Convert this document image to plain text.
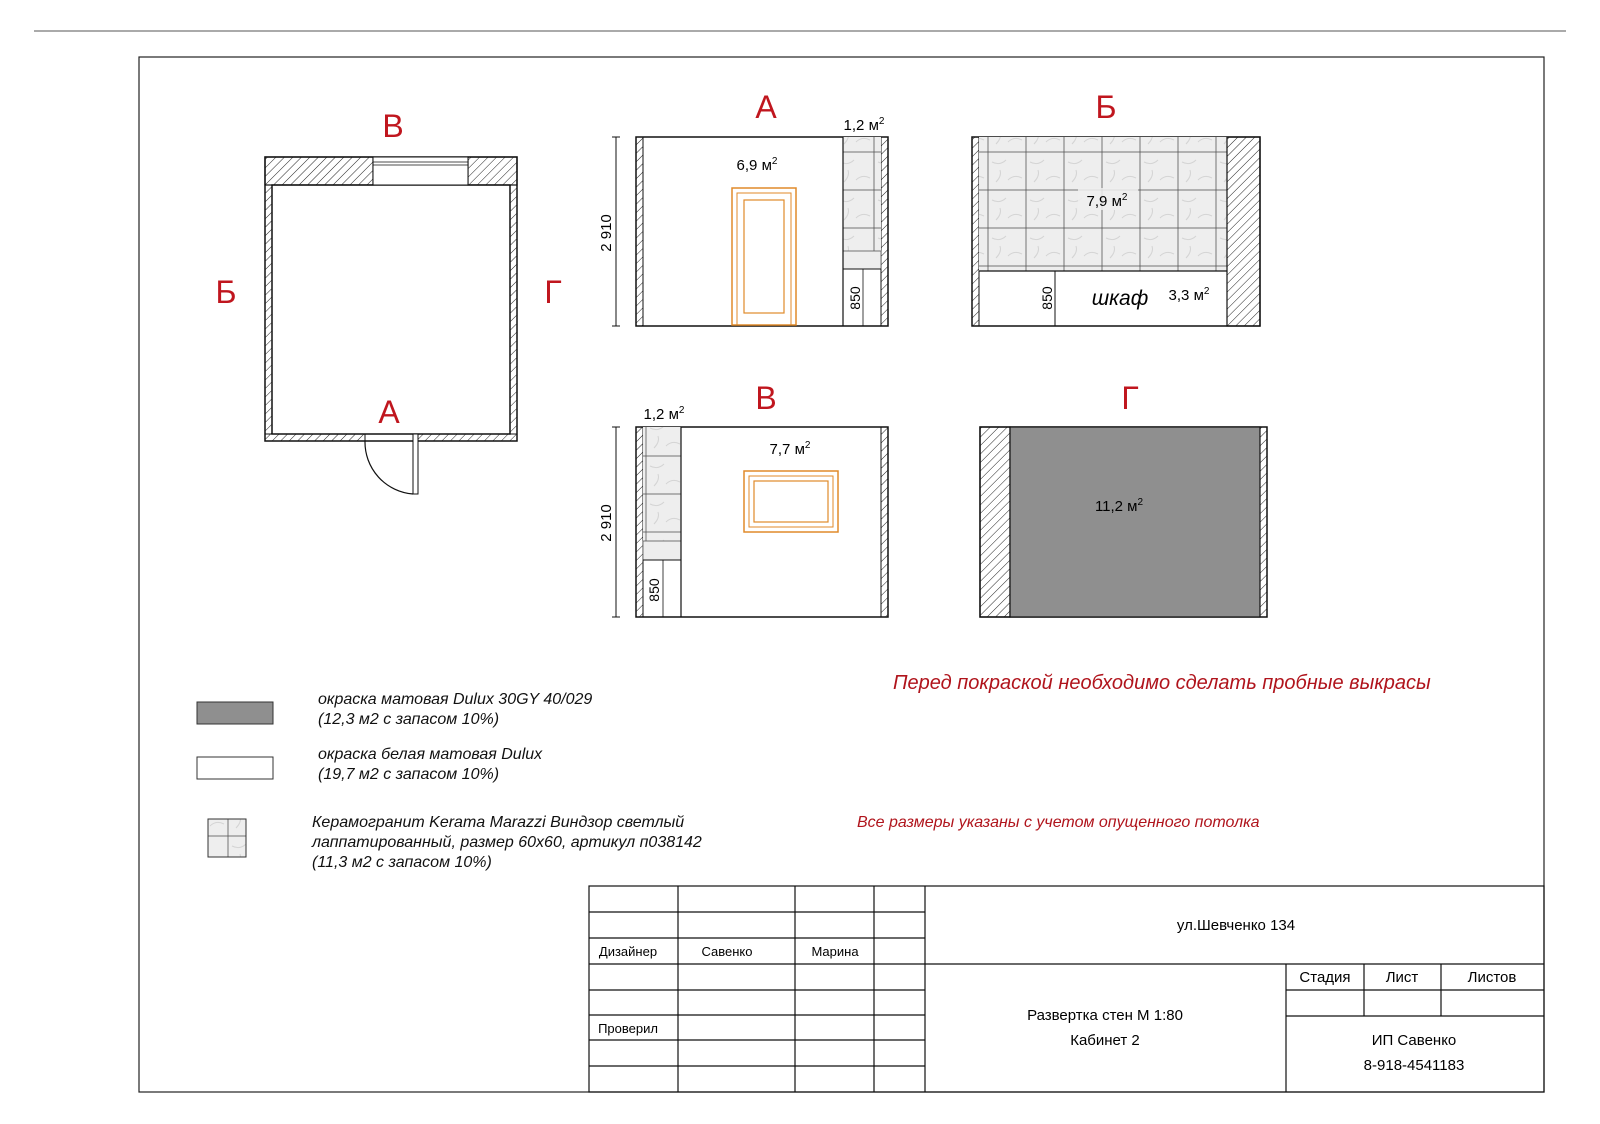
В
Б	Г
А
А
6,9 $м^2$
1,2 $м^2$
2 910
850
Б
7,9 $м^2$
шкаф 3,3 $м^2$
850
В
7,7 $м^2$
1,2 $м^2$
2 910
850
Г
11,2 $м^2$
ул.Шевченко 134
Дизайнер	Савенко	Марина
Проверил
Развертка стен М 1:80
Кабинет 2
Стадия Лист	Листов
ИП Савенко
8-918-4541183
окраска матовая Dulux 30GY 40/029
(12,3 м2 с запасом 10%)
окраска белая матовая Dulux
(19,7 м2 с запасом 10%)
Керамогранит Kerama Marazzi Виндзор светлый
лаппатированный, размер 60х60, артикул п038142
(11,3 м2 с запасом 10%)
Перед покраской необходимо сделать пробные выкрасы
Все размеры указаны с учетом опущенного потолка
